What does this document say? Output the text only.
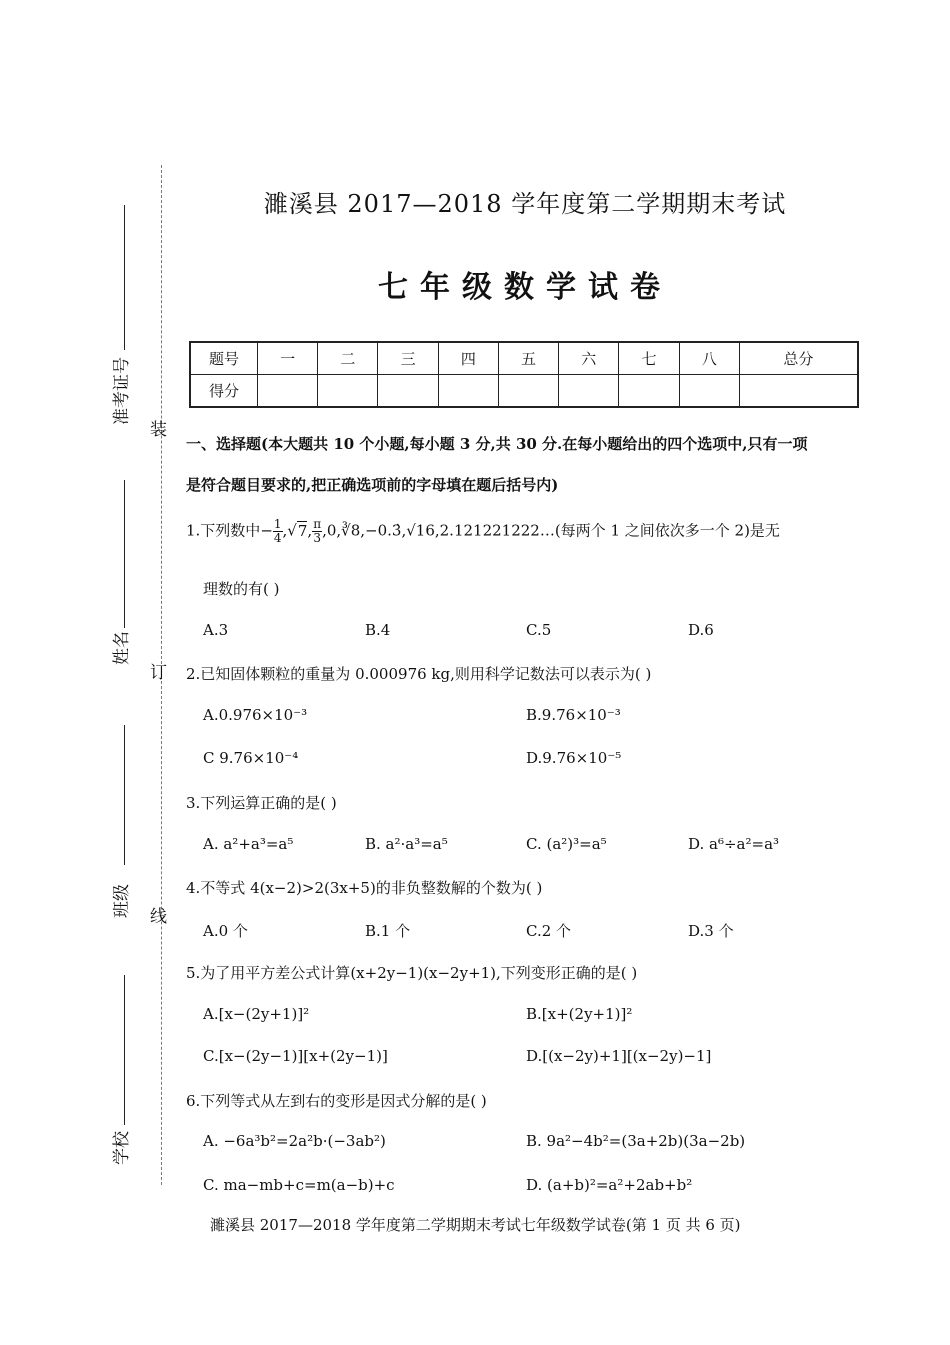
准考证号
姓名
班级
学校
装
订
线
濉溪县 2017—2018 学年度第二学期期末考试
七年级数学试卷
题号	一	二	三	四	五	六	七	八	总分
得分									
一、选择题(本大题共 10 个小题,每小题 3 分,共 30 分.在每小题给出的四个选项中,只有一项
是符合题目要求的,把正确选项前的字母填在题后括号内)
1.下列数中− $\frac{1}{4} ,√7$, $\frac{\pi}{3}$ ,0,∛8,−0.3̇,√16,2.121221222…(每两个 1 之间依次多一个 2)是无
理数的有( )
A.3	B.4	C.5	D.6
2.已知固体颗粒的重量为 0.000976 kg,则用科学记数法可以表示为( )
A.0.976×10⁻³	B.9.76×10⁻³
C 9.76×10⁻⁴	D.9.76×10⁻⁵
3.下列运算正确的是( )
A. a²+a³=a⁵	B. a²·a³=a⁵	C. (a²)³=a⁵	D. a⁶÷a²=a³
4.不等式 4(x−2)>2(3x+5)的非负整数解的个数为( )
A.0 个	B.1 个	C.2 个	D.3 个
5.为了用平方差公式计算(x+2y−1)(x−2y+1),下列变形正确的是( )
A.[x−(2y+1)]²	B.[x+(2y+1)]²
C.[x−(2y−1)][x+(2y−1)]	D.[(x−2y)+1][(x−2y)−1]
6.下列等式从左到右的变形是因式分解的是( )
A. −6a³b²=2a²b·(−3ab²)	B. 9a²−4b²=(3a+2b)(3a−2b)
C. ma−mb+c=m(a−b)+c	D. (a+b)²=a²+2ab+b²
濉溪县 2017—2018 学年度第二学期期末考试七年级数学试卷(第 1 页 共 6 页)
